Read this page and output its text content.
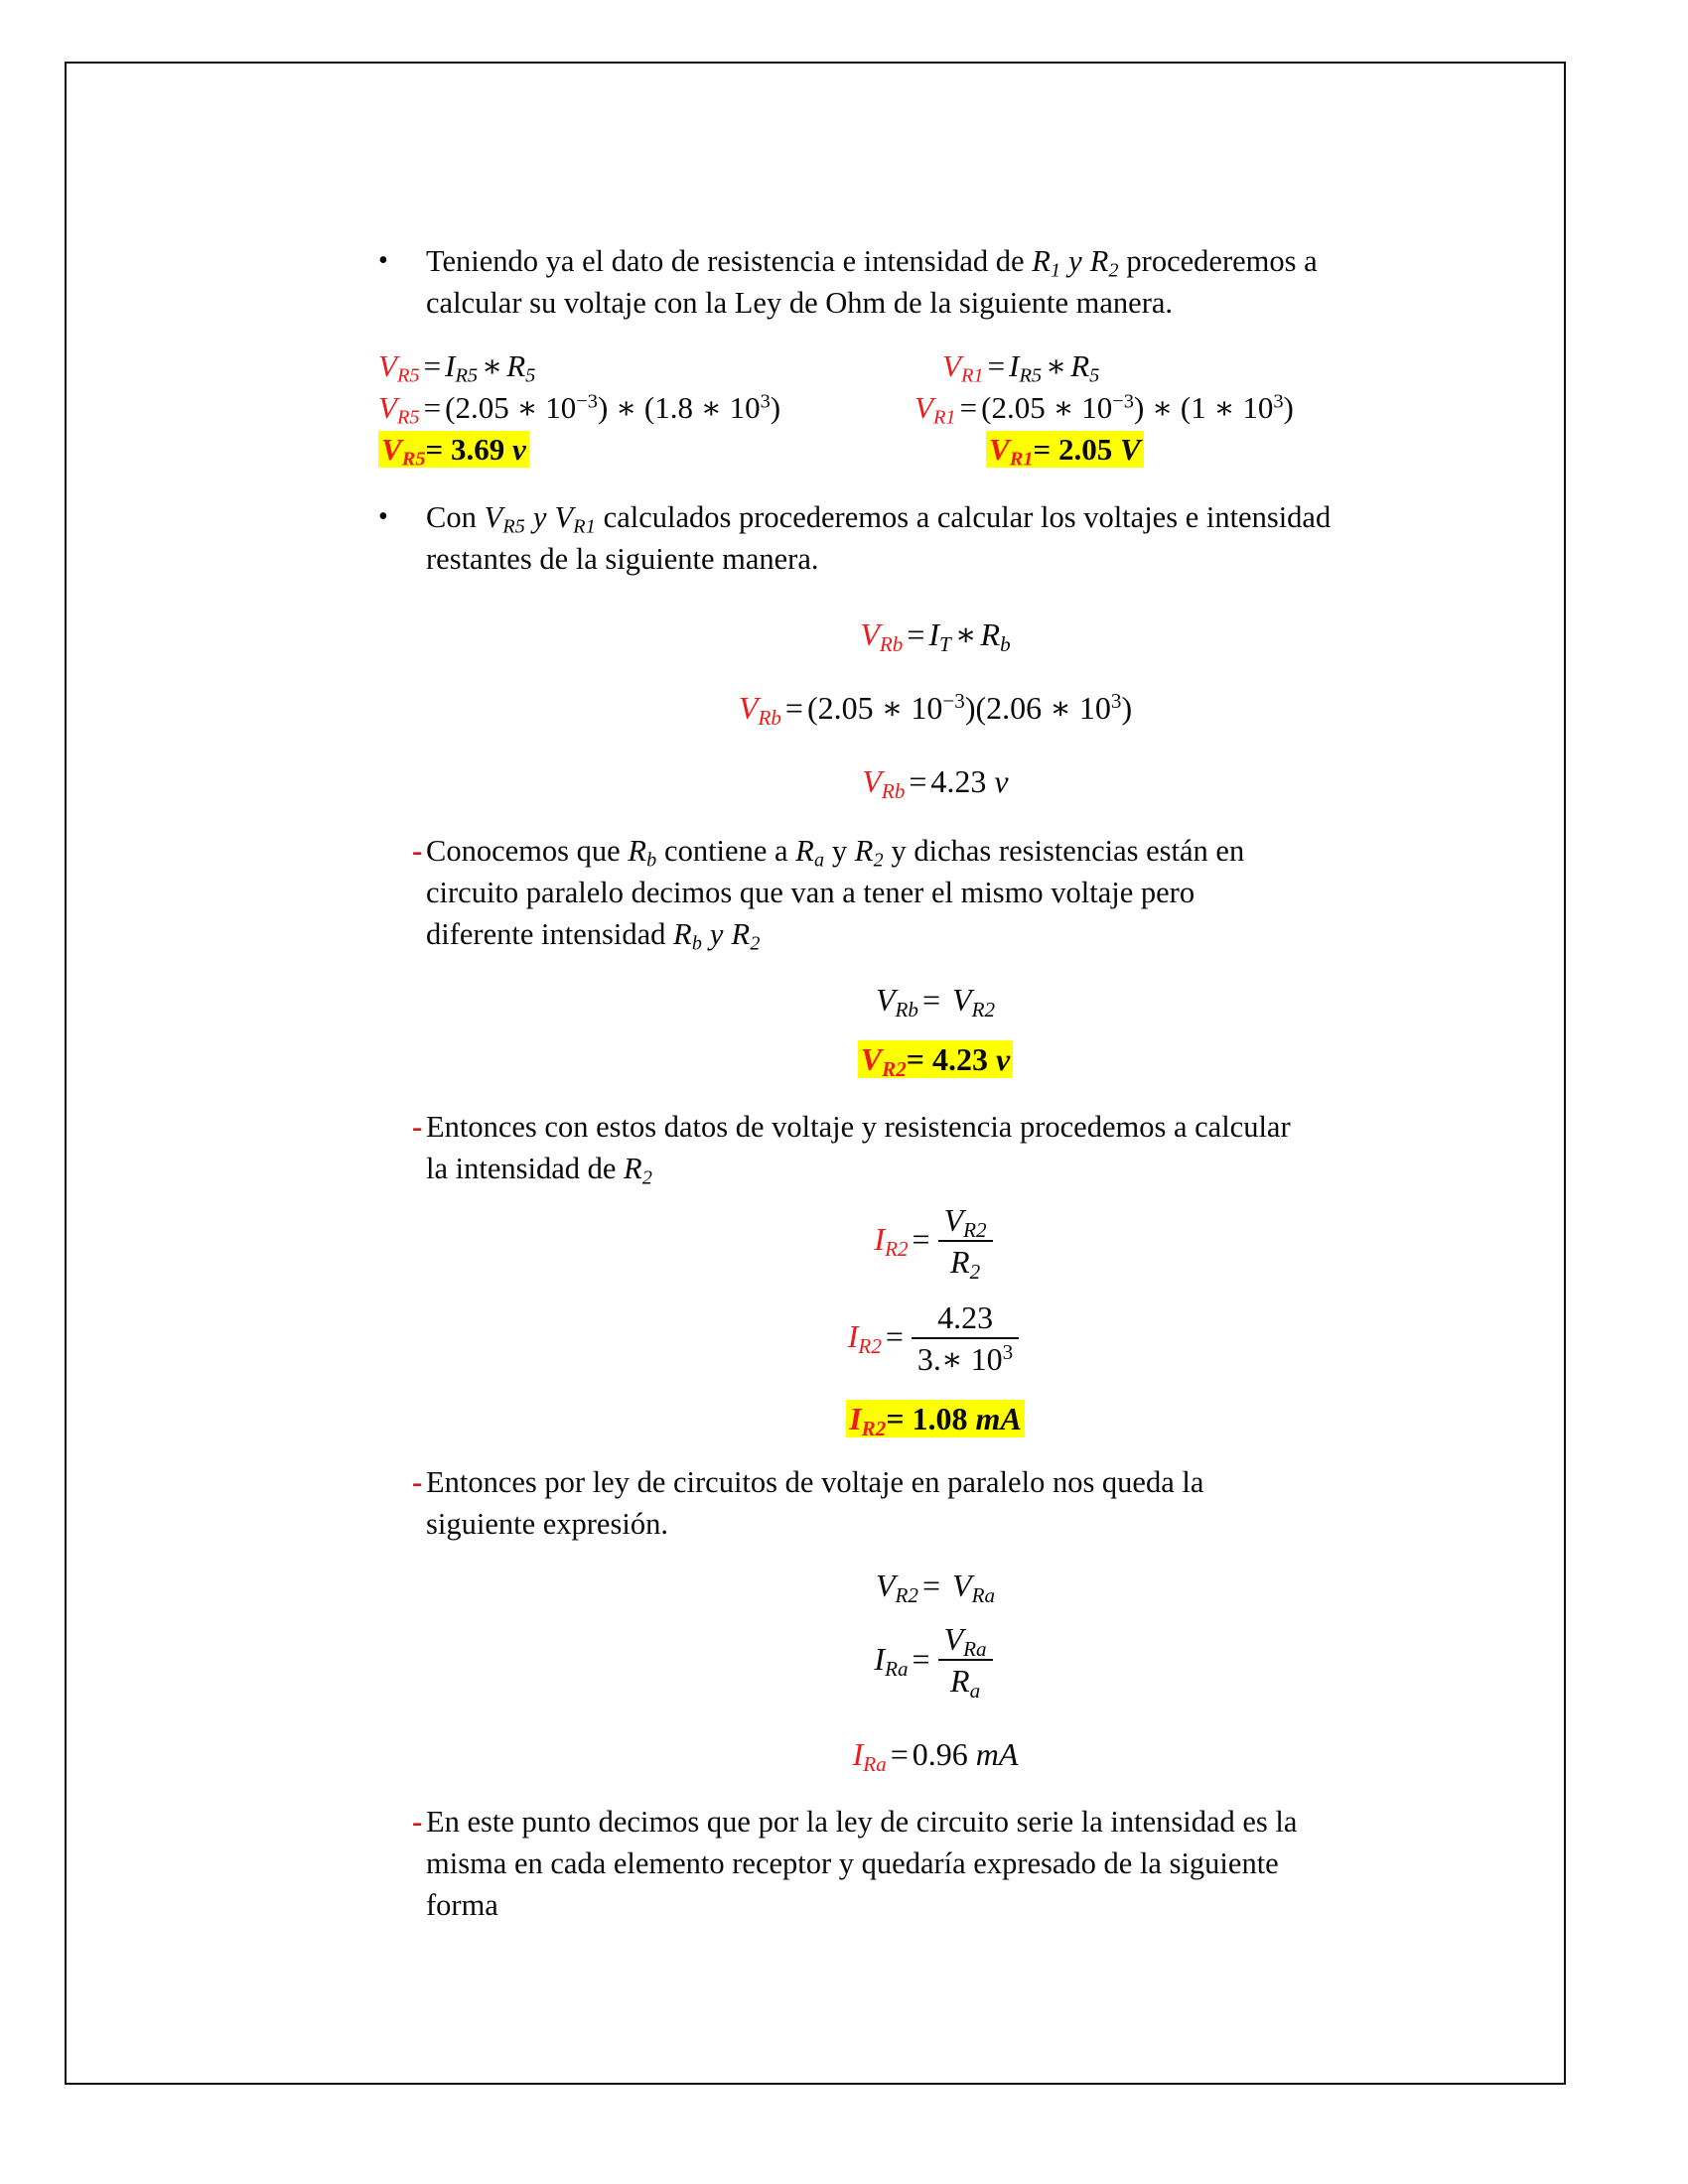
•	Teniendo ya el dato de resistencia e intensidad de $R_1$ y $R_2$ procederemos a
calcular su voltaje con la Ley de Ohm de la siguiente manera.
$V_{R5} = I_{R5}$ ∗ $R_5$
$V_{R5} = (2.05$ ∗ $10^{-3}$) ∗ (1.8 ∗ $10^3$)
$V_{R5}= 3.69$ v
$V_{R1} = I_{R5}$ ∗ $R_5$
$V_{R1} = (2.05$ ∗ $10^{-3}$) ∗ (1 ∗ $10^3$)
$V_{R1}= 2.05$ V
•	Con $V_{R5}$ y $V_{R1}$ calculados procederemos a calcular los voltajes e intensidad
restantes de la siguiente manera.
$V_{Rb} = I_T$ ∗ $R_b$
$V_{Rb} = (2.05$ ∗ $10^{-3})(2.06$ ∗ $10^3$)
$V_{Rb} = 4.23$ v
- Conocemos que $R_b$ contiene a $R_a$ y $R_2$ y dichas resistencias están en
circuito paralelo decimos que van a tener el mismo voltaje pero
diferente intensidad $R_b$ y $R_2$
$V_{Rb} = V_{R2}$
$V_{R2}= 4.23$ v
- Entonces con estos datos de voltaje y resistencia procedemos a calcular
la intensidad de $R_2$
$I_{R2} = \frac{V_{R2}}{R_2}$
$I_{R2} = \frac{4.23}{3.∗ 10^3}$
$I_{R2}= 1.08$ mA
- Entonces por ley de circuitos de voltaje en paralelo nos queda la
siguiente expresión.
$V_{R2} = V_{Ra}$
$I_{Ra} = \frac{V_{Ra}}{R_a}$
$I_{Ra} = 0.96$ mA
- En este punto decimos que por la ley de circuito serie la intensidad es la
misma en cada elemento receptor y quedaría expresado de la siguiente
forma
